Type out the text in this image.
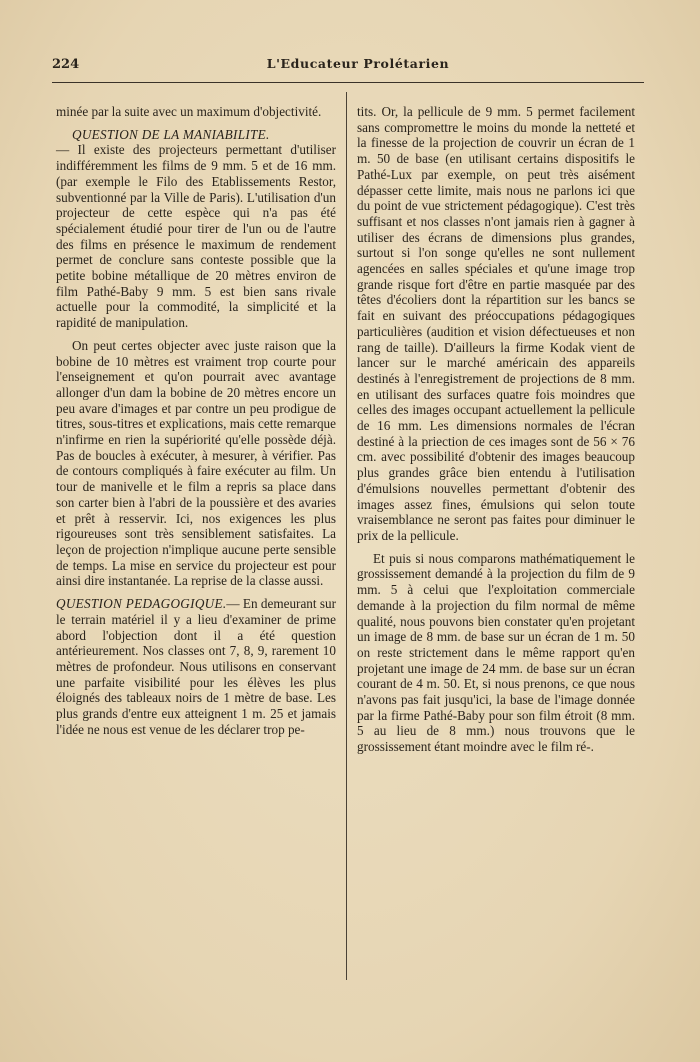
224	L'Educateur Prolétarien

minée par la suite avec un maximum d'objectivité.

QUESTION DE LA MANIABILITE.
— Il existe des projecteurs permettant d'utiliser indifféremment les films de 9 mm. 5 et de 16 mm. (par exemple le Filo des Etablissements Restor, subventionné par la Ville de Paris). L'utilisation d'un projecteur de cette espèce qui n'a pas été spécialement étudié pour tirer de l'un ou de l'autre des films en présence le maximum de rendement permet de conclure sans conteste possible que la petite bobine métallique de 20 mètres environ de film Pathé-Baby 9 mm. 5 est bien sans rivale actuelle pour la commodité, la simplicité et la rapidité de manipulation.

On peut certes objecter avec juste raison que la bobine de 10 mètres est vraiment trop courte pour l'enseignement et qu'on pourrait avec avantage allonger d'un dam la bobine de 20 mètres encore un peu avare d'images et par contre un peu prodigue de titres, sous-titres et explications, mais cette remarque n'infirme en rien la supériorité qu'elle possède déjà. Pas de boucles à exécuter, à mesurer, à vérifier. Pas de contours compliqués à faire exécuter au film. Un tour de manivelle et le film a repris sa place dans son carter bien à l'abri de la poussière et des avaries et prêt à resservir. Ici, nos exigences les plus rigoureuses sont très sensiblement satisfaites. La leçon de projection n'implique aucune perte sensible de temps. La mise en service du projecteur est pour ainsi dire instantanée. La reprise de la classe aussi.

QUESTION PEDAGOGIQUE.— En demeurant sur le terrain matériel il y a lieu d'examiner de prime abord l'objection dont il a été question antérieurement. Nos classes ont 7, 8, 9, rarement 10 mètres de profondeur. Nous utilisons en conservant une parfaite visibilité pour les élèves les plus éloignés des tableaux noirs de 1 mètre de base. Les plus grands d'entre eux atteignent 1 m. 25 et jamais l'idée ne nous est venue de les déclarer trop pe-

tits. Or, la pellicule de 9 mm. 5 permet facilement sans compromettre le moins du monde la netteté et la finesse de la projection de couvrir un écran de 1 m. 50 de base (en utilisant certains dispositifs le Pathé-Lux par exemple, on peut très aisément dépasser cette limite, mais nous ne parlons ici que du point de vue strictement pédagogique). C'est très suffisant et nos classes n'ont jamais rien à gagner à utiliser des écrans de dimensions plus grandes, surtout si l'on songe qu'elles ne sont nullement agencées en salles spéciales et qu'une image trop grande risque fort d'être en partie masquée par des têtes d'écoliers dont la répartition sur les bancs se fait en suivant des préoccupations pédagogiques particulières (audition et vision défectueuses et non rang de taille). D'ailleurs la firme Kodak vient de lancer sur le marché américain des appareils destinés à l'enregistrement de projections de 8 mm. en utilisant des surfaces quatre fois moindres que celles des images occupant actuellement la pellicule de 16 mm. Les dimensions normales de l'écran destiné à la priection de ces images sont de 56 × 76 cm. avec possibilité d'obtenir des images beaucoup plus grandes grâce bien entendu à l'utilisation d'émulsions nouvelles permettant d'obtenir des images assez fines, émulsions qui selon toute vraisemblance ne seront pas faites pour diminuer le prix de la pellicule.

Et puis si nous comparons mathématiquement le grossissement demandé à la projection du film de 9 mm. 5 à celui que l'exploitation commerciale demande à la projection du film normal de même qualité, nous pouvons bien constater qu'en projetant un image de 8 mm. de base sur un écran de 1 m. 50 on reste strictement dans le même rapport qu'en projetant une image de 24 mm. de base sur un écran courant de 4 m. 50. Et, si nous prenons, ce que nous n'avons pas fait jusqu'ici, la base de l'image donnée par la firme Pathé-Baby pour son film étroit (8 mm. 5 au lieu de 8 mm.) nous trouvons que le grossissement étant moindre avec le film ré-.
